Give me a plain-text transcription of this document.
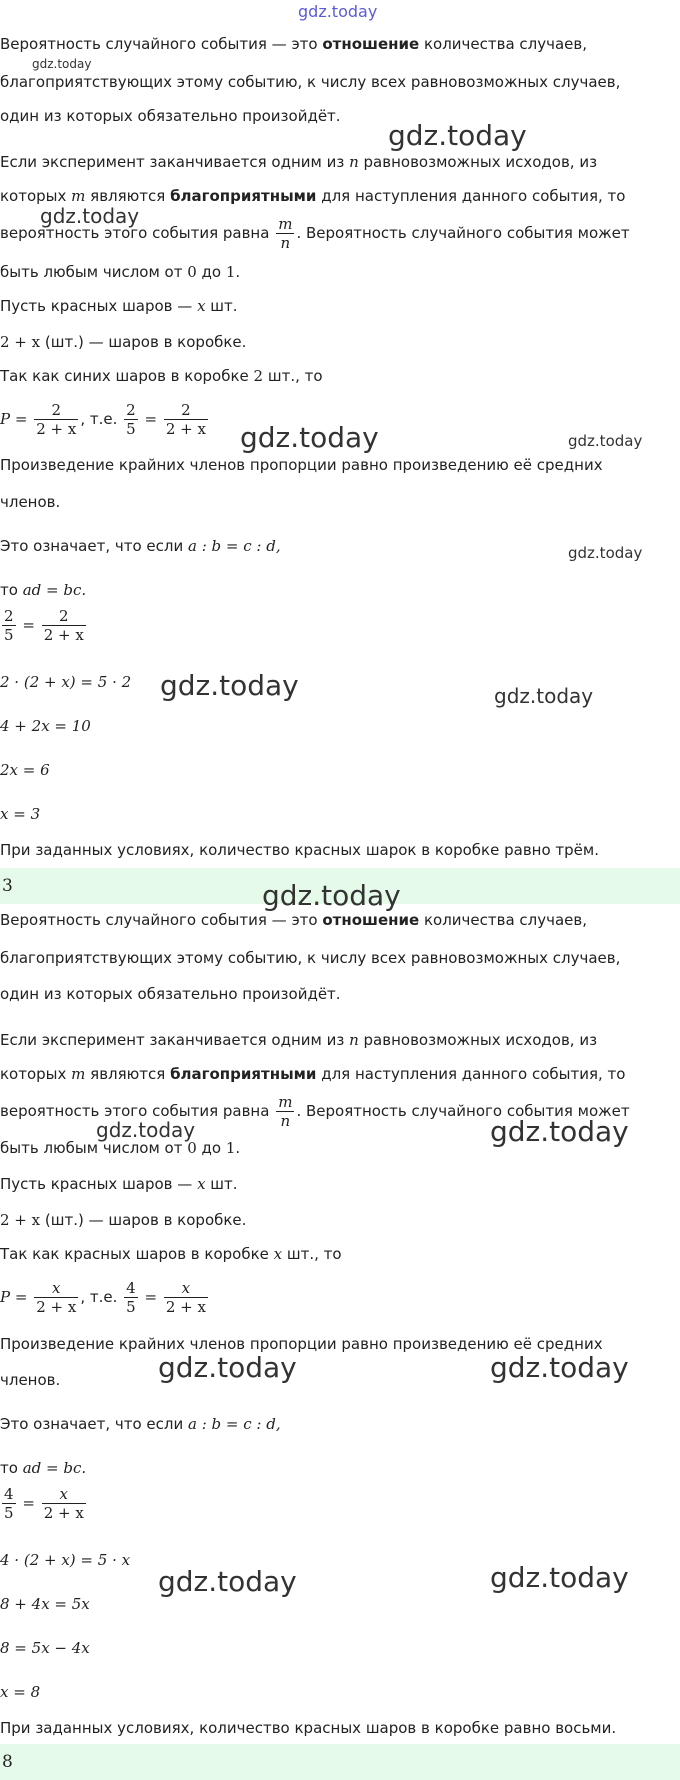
gdz.today
Вероятность случайного события — это отношение количества случаев,
благоприятствующих этому событию, к числу всех равновозможных случаев,
один из которых обязательно произойдёт.
Если эксперимент заканчивается одним из n равновозможных исходов, из
которых m являются благоприятными для наступления данного события, то
вероятность этого события равна $\frac{m}{n}$ . Вероятность случайного события может
быть любым числом от 0 до 1.
Пусть красных шаров — x шт.
2 + x (шт.) — шаров в коробке.
Так как синих шаров в коробке 2 шт., то
$P = \frac{2}{2 + x}$ , т.е. $\frac{2}{5} = \frac{2}{2 + x}$
Произведение крайних членов пропорции равно произведению её средних
членов.
Это означает, что если a : b = c : d,
то ad = bc.
$\frac{2}{5} = \frac{2}{2 + x}$
2 · (2 + x) = 5 · 2
4 + 2x = 10
2x = 6
x = 3
При заданных условиях, количество красных шарок в коробке равно трём.
3
Вероятность случайного события — это отношение количества случаев,
благоприятствующих этому событию, к числу всех равновозможных случаев,
один из которых обязательно произойдёт.
Если эксперимент заканчивается одним из n равновозможных исходов, из
которых m являются благоприятными для наступления данного события, то
вероятность этого события равна $\frac{m}{n}$ . Вероятность случайного события может
быть любым числом от 0 до 1.
Пусть красных шаров — x шт.
2 + x (шт.) — шаров в коробке.
Так как красных шаров в коробке x шт., то
$P = \frac{x}{2 + x}$ , т.е. $\frac{4}{5} = \frac{x}{2 + x}$
Произведение крайних членов пропорции равно произведению её средних
членов.
Это означает, что если a : b = c : d,
то ad = bc.
$\frac{4}{5} = \frac{x}{2 + x}$
4 · (2 + x) = 5 · x
8 + 4x = 5x
8 = 5x − 4x
x = 8
При заданных условиях, количество красных шаров в коробке равно восьми.
8
gdz.today
gdz.today
gdz.today
gdz.today	gdz.today
gdz.today
gdz.today	gdz.today
gdz.today
gdz.today	gdz.today
gdz.today	gdz.today
gdz.today	gdz.today
